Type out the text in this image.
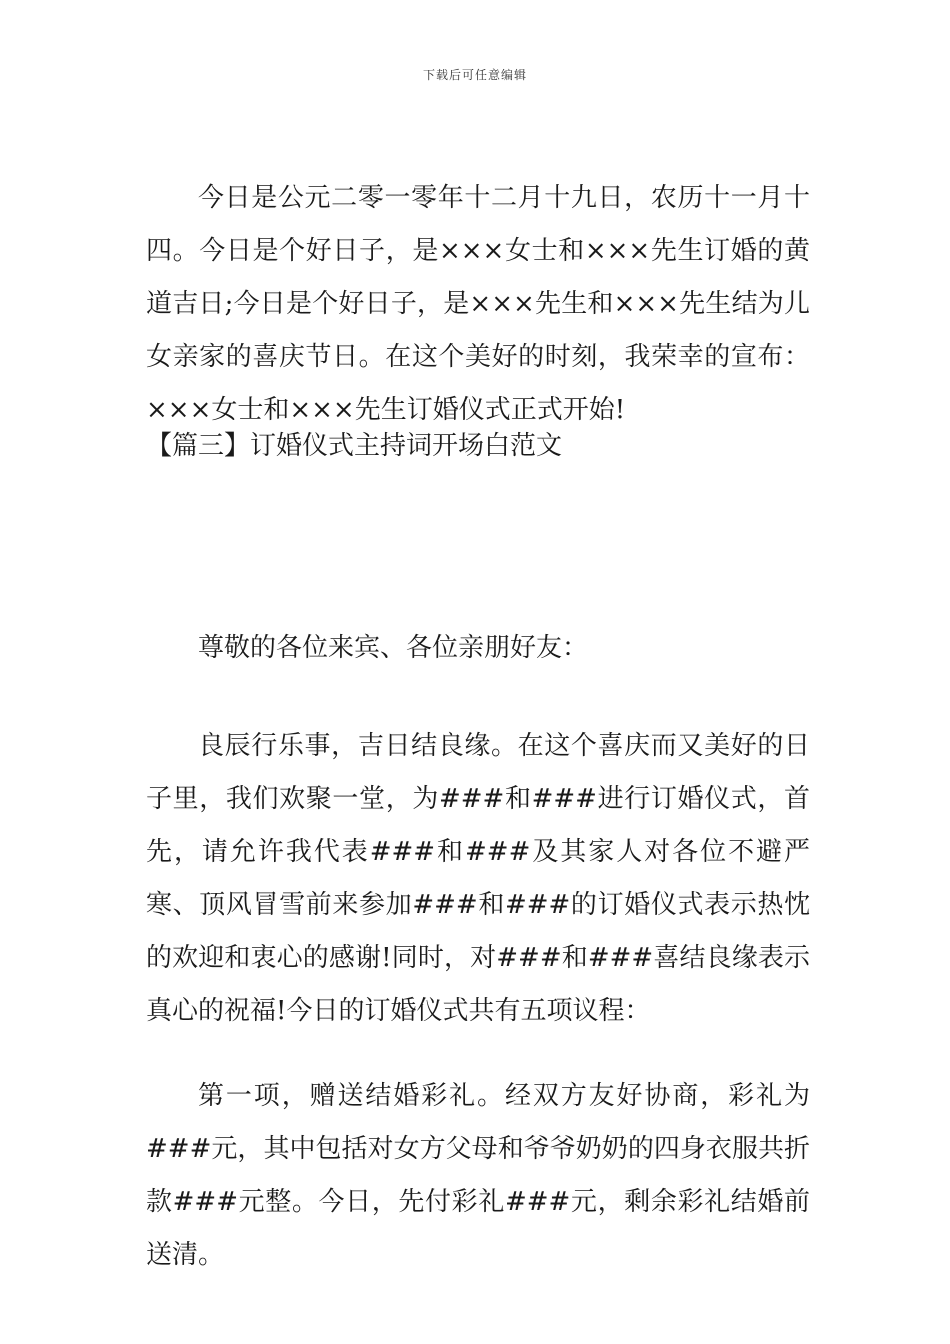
下载后可任意编辑

今日是公元二零一零年十二月十九日，农历十一月十四。今日是个好日子，是×××女士和×××先生订婚的黄道吉日;今日是个好日子，是×××先生和×××先生结为儿女亲家的喜庆节日。在这个美好的时刻，我荣幸的宣布：×××女士和×××先生订婚仪式正式开始!

【篇三】订婚仪式主持词开场白范文

尊敬的各位来宾、各位亲朋好友：

良辰行乐事，吉日结良缘。在这个喜庆而又美好的日子里，我们欢聚一堂，为###和###进行订婚仪式，首先，请允许我代表###和###及其家人对各位不避严寒、顶风冒雪前来参加###和###的订婚仪式表示热忱的欢迎和衷心的感谢!同时，对###和###喜结良缘表示真心的祝福!今日的订婚仪式共有五项议程：

第一项，赠送结婚彩礼。经双方友好协商，彩礼为###元，其中包括对女方父母和爷爷奶奶的四身衣服共折款###元整。今日，先付彩礼###元，剩余彩礼结婚前送清。
